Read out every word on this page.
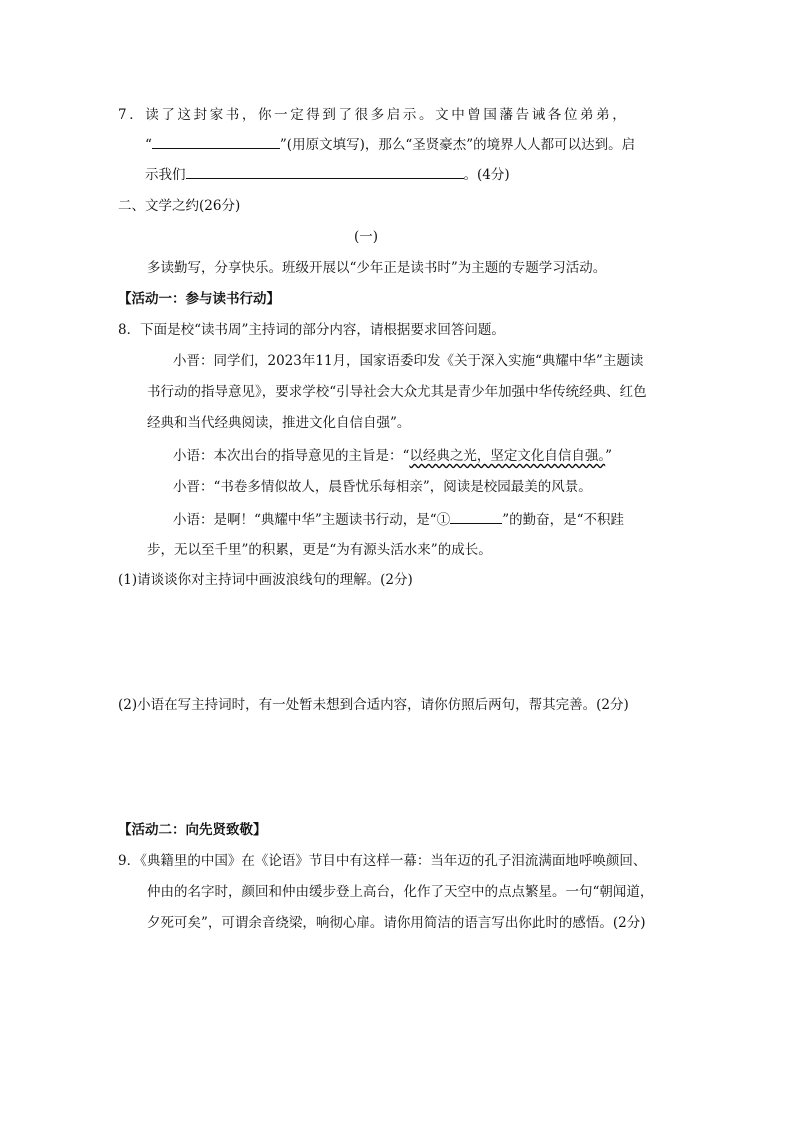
7．读了这封家书，你一定得到了很多启示。文中曾国藩告诫各位弟弟，
“	”(用原文填写)，那么“圣贤豪杰”的境界人人都可以达到。启
示我们	。(4分)
二、文学之约(26分)
(一)
多读勤写，分享快乐。班级开展以“少年正是读书时”为主题的专题学习活动。
【活动一：参与读书行动】
8．下面是校“读书周”主持词的部分内容，请根据要求回答问题。
小晋：同学们，2023年11月，国家语委印发《关于深入实施“典耀中华”主题读
书行动的指导意见》，要求学校“引导社会大众尤其是青少年加强中华传统经典、红色
经典和当代经典阅读，推进文化自信自强”。
小语：本次出台的指导意见的主旨是：“以经典之光，坚定文化自信自强。”
小晋：“书卷多情似故人，晨昏忧乐每相亲”，阅读是校园最美的风景。
小语：是啊！“典耀中华”主题读书行动，是“①	”的勤奋，是“不积跬
步，无以至千里”的积累，更是“为有源头活水来”的成长。
(1)请谈谈你对主持词中画波浪线句的理解。(2分)
(2)小语在写主持词时，有一处暂未想到合适内容，请你仿照后两句，帮其完善。(2分)
【活动二：向先贤致敬】
9．《典籍里的中国》在《论语》节目中有这样一幕：当年迈的孔子泪流满面地呼唤颜回、
仲由的名字时，颜回和仲由缓步登上高台，化作了天空中的点点繁星。一句“朝闻道，
夕死可矣”，可谓余音绕梁，响彻心扉。请你用简洁的语言写出你此时的感悟。(2分)
